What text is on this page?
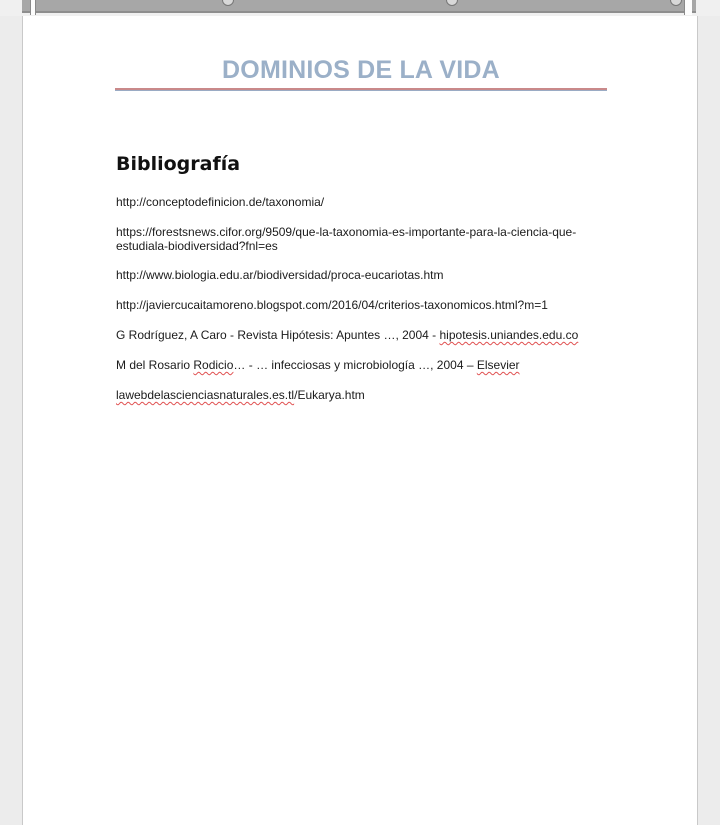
DOMINIOS DE LA VIDA
Bibliografía
http://conceptodefinicion.de/taxonomia/
https://forestsnews.cifor.org/9509/que-la-taxonomia-es-importante-para-la-ciencia-que-estudiala-biodiversidad?fnl=es
http://www.biologia.edu.ar/biodiversidad/proca-eucariotas.htm
http://javiercucaitamoreno.blogspot.com/2016/04/criterios-taxonomicos.html?m=1
G Rodríguez, A Caro - Revista Hipótesis: Apuntes …, 2004 - hipotesis.uniandes.edu.co
M del Rosario Rodicio… - … infecciosas y microbiología …, 2004 – Elsevier
lawebdelascienciasnaturales.es.tl/Eukarya.htm
